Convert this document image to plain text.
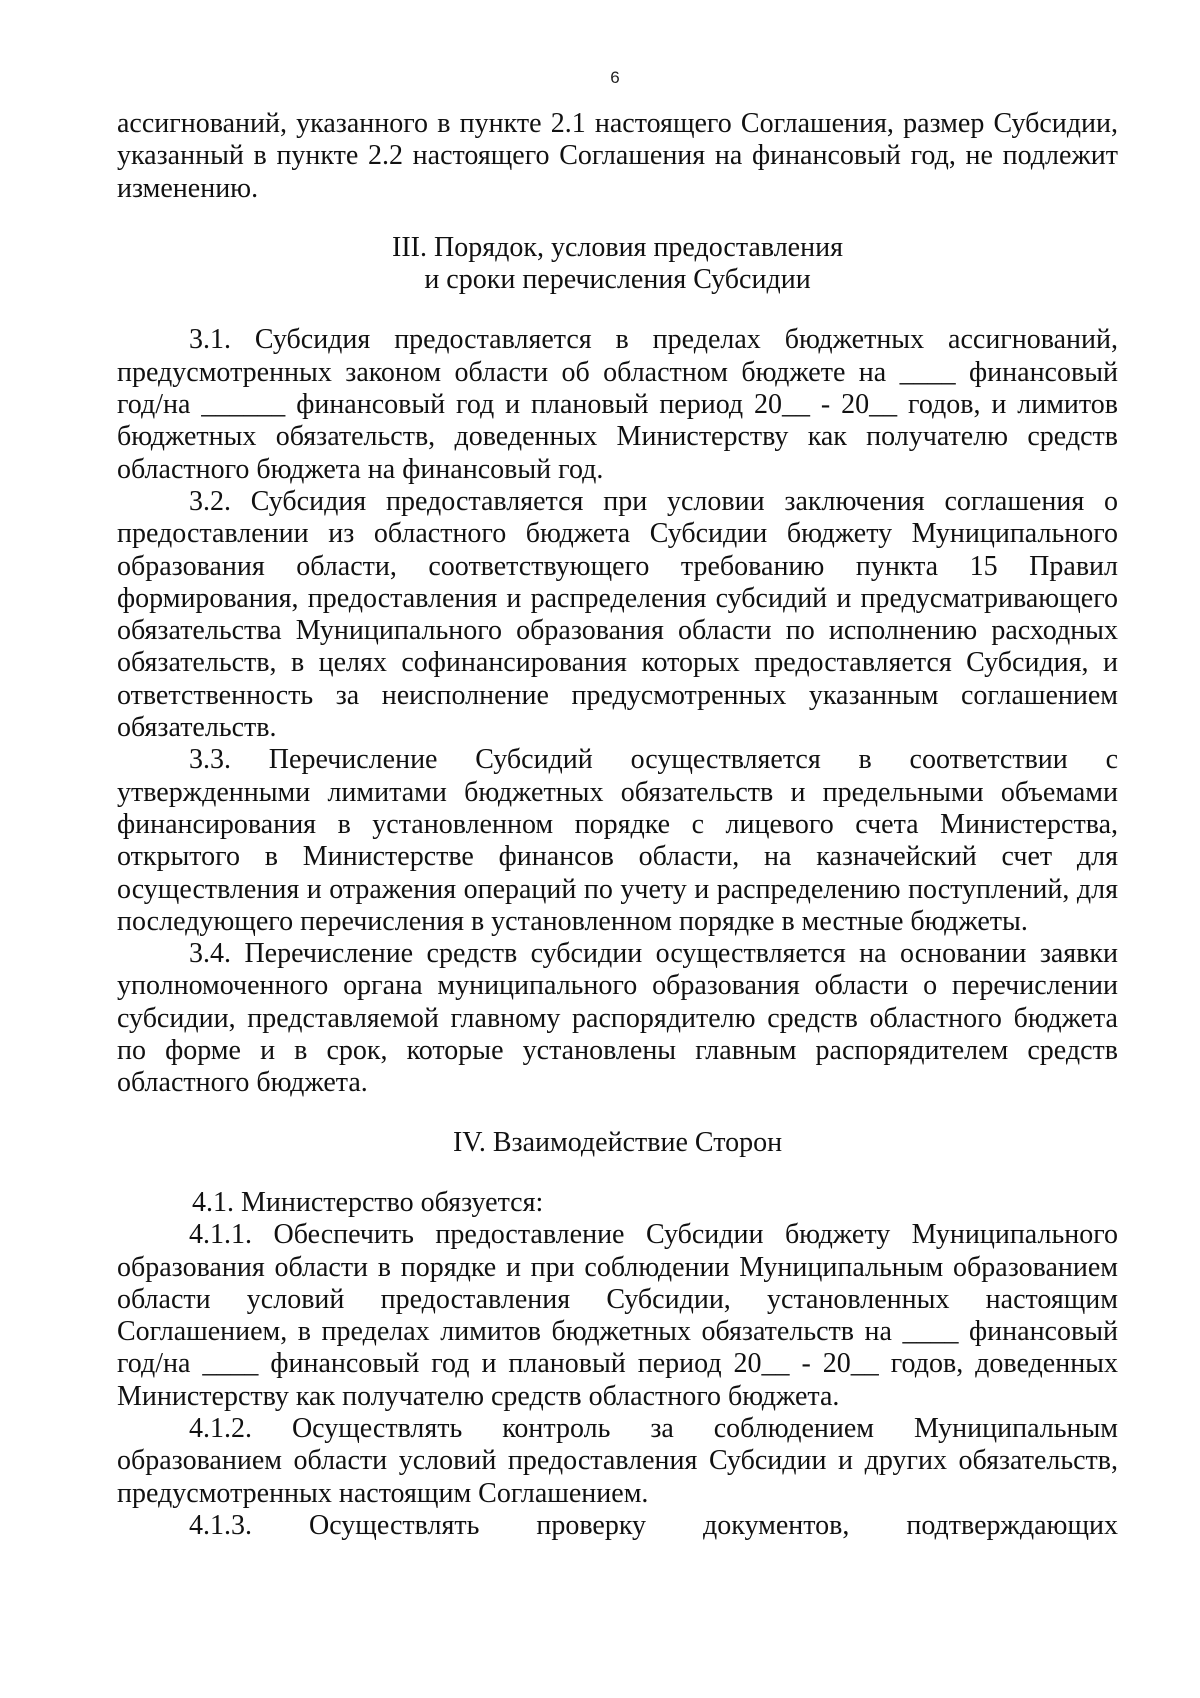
6

ассигнований, указанного в пункте 2.1 настоящего Соглашения, размер Субсидии, указанный в пункте 2.2 настоящего Соглашения на финансовый год, не подлежит изменению.

III. Порядок, условия предоставления

и сроки перечисления Субсидии

3.1. Субсидия предоставляется в пределах бюджетных ассигнований, предусмотренных законом области об областном бюджете на ____ финансовый год/на ______ финансовый год и плановый период 20__ - 20__ годов, и лимитов бюджетных обязательств, доведенных Министерству как получателю средств областного бюджета на финансовый год.

3.2. Субсидия предоставляется при условии заключения соглашения о предоставлении из областного бюджета Субсидии бюджету Муниципального образования области, соответствующего требованию пункта 15 Правил формирования, предоставления и распределения субсидий и предусматривающего обязательства Муниципального образования области по исполнению расходных обязательств, в целях софинансирования которых предоставляется Субсидия, и ответственность за неисполнение предусмотренных указанным соглашением обязательств.

3.3. Перечисление Субсидий осуществляется в соответствии с утвержденными лимитами бюджетных обязательств и предельными объемами финансирования в установленном порядке с лицевого счета Министерства, открытого в Министерстве финансов области, на казначейский счет для осуществления и отражения операций по учету и распределению поступлений, для последующего перечисления в установленном порядке в местные бюджеты.

3.4. Перечисление средств субсидии осуществляется на основании заявки уполномоченного органа муниципального образования области о перечислении субсидии, представляемой главному распорядителю средств областного бюджета по форме и в срок, которые установлены главным распорядителем средств областного бюджета.

IV. Взаимодействие Сторон

4.1. Министерство обязуется:

4.1.1. Обеспечить предоставление Субсидии бюджету Муниципального образования области в порядке и при соблюдении Муниципальным образованием области условий предоставления Субсидии, установленных настоящим Соглашением, в пределах лимитов бюджетных обязательств на ____ финансовый год/на ____ финансовый год и плановый период 20__ - 20__ годов, доведенных Министерству как получателю средств областного бюджета.

4.1.2. Осуществлять контроль за соблюдением Муниципальным образованием области условий предоставления Субсидии и других обязательств, предусмотренных настоящим Соглашением.

4.1.3. Осуществлять проверку документов, подтверждающих
